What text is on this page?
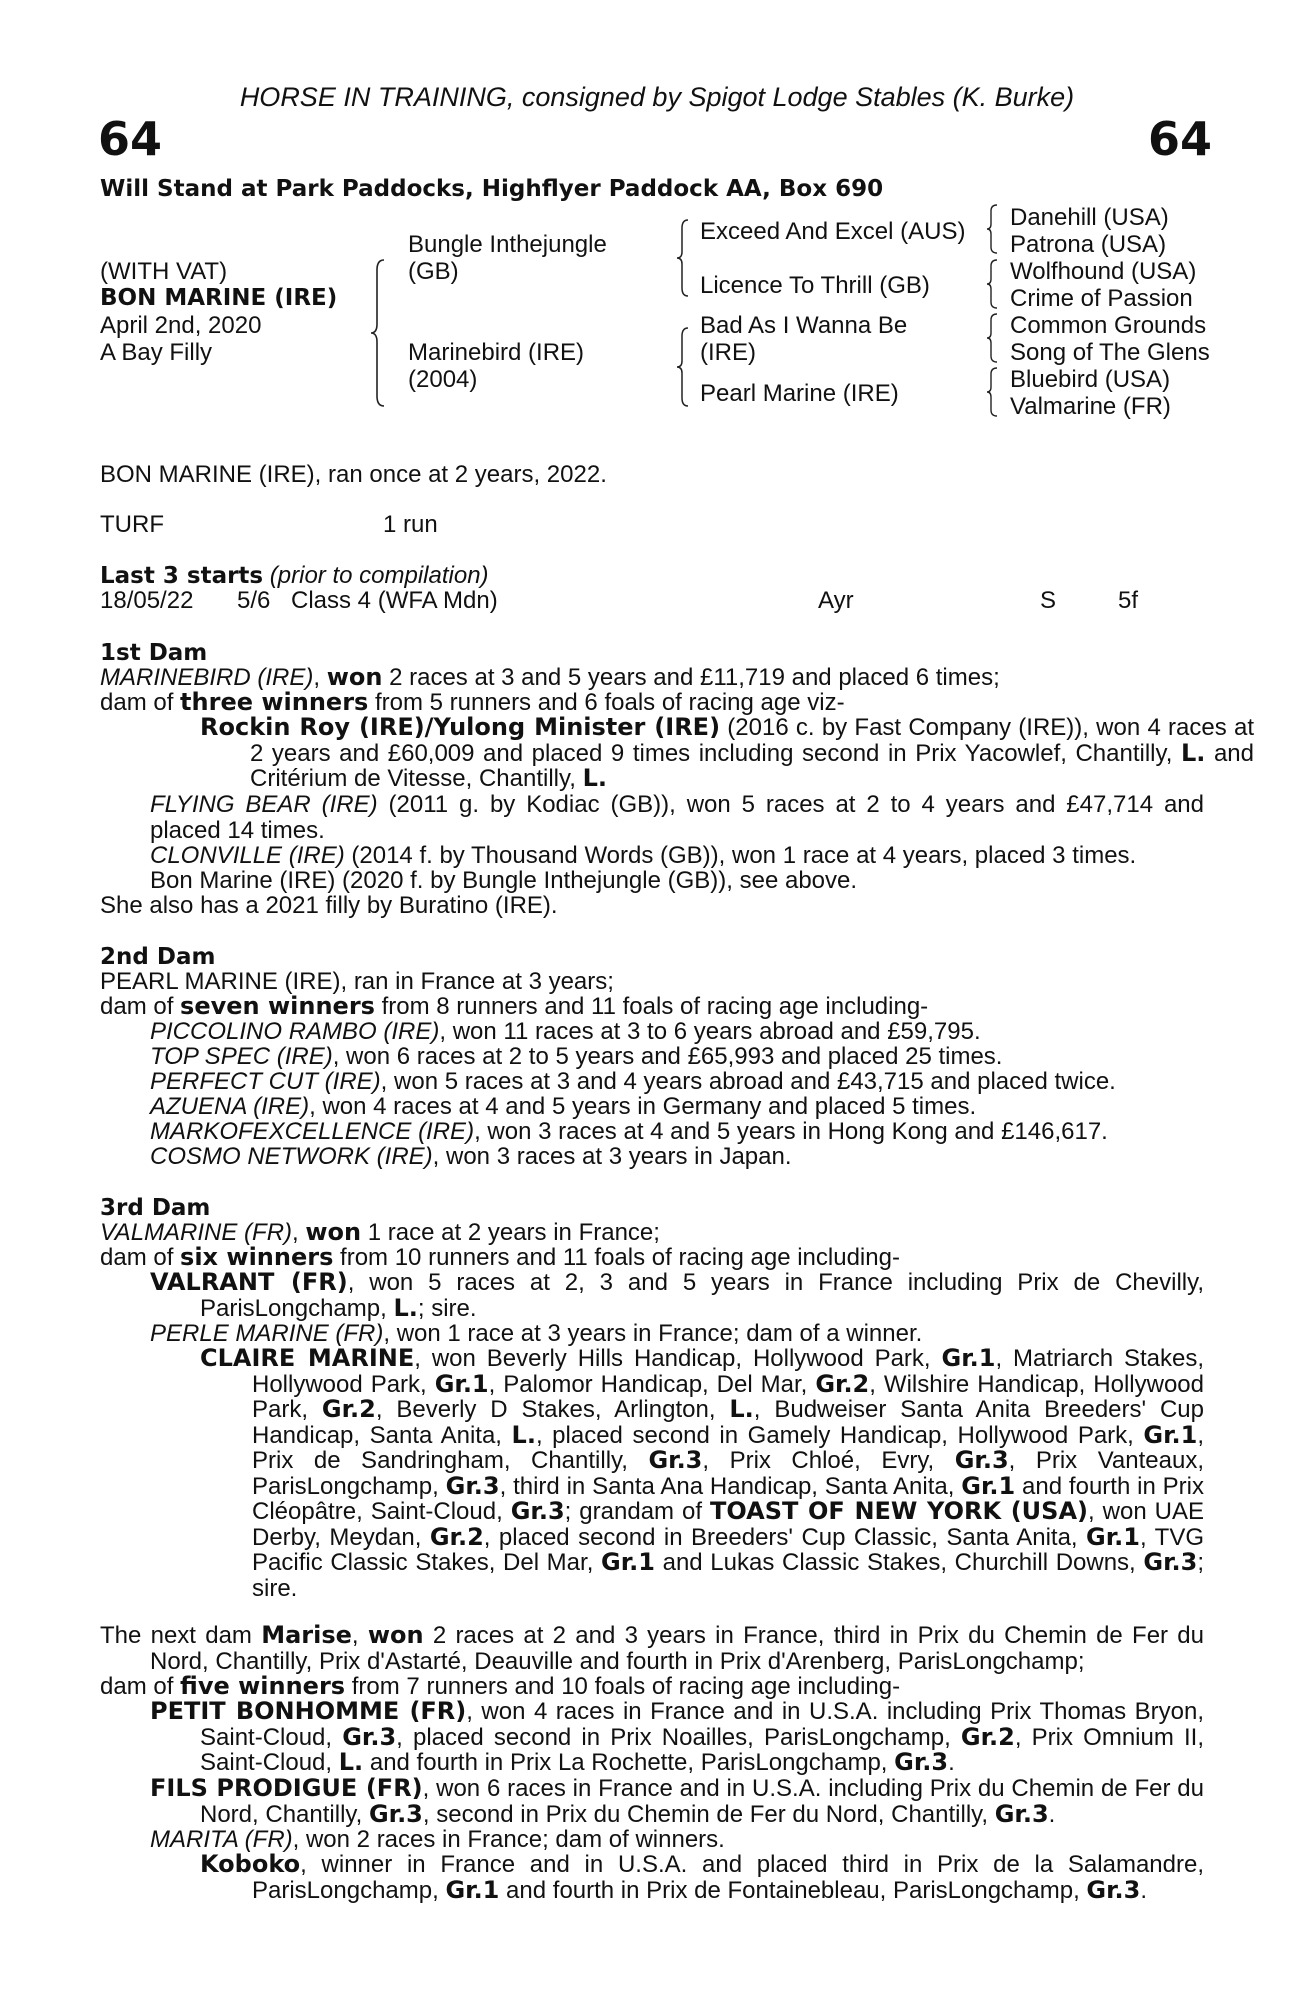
HORSE IN TRAINING, consigned by Spigot Lodge Stables (K. Burke)
64	64
Will Stand at Park Paddocks, Highflyer Paddock AA, Box 690
(WITH VAT)
BON MARINE (IRE)
April 2nd, 2020
A Bay Filly
Bungle Inthejungle
(GB)
Marinebird (IRE)
(2004)
Exceed And Excel (AUS)
Licence To Thrill (GB)
Bad As I Wanna Be
(IRE)
Pearl Marine (IRE)
Danehill (USA)
Patrona (USA)
Wolfhound (USA)
Crime of Passion
Common Grounds
Song of The Glens
Bluebird (USA)
Valmarine (FR)
BON MARINE (IRE), ran once at 2 years, 2022.
TURF	1 run
Last 3 starts (prior to compilation)
18/05/22 5/6 Class 4 (WFA Mdn)	Ayr	S	5f
1st Dam
MARINEBIRD (IRE), won 2 races at 3 and 5 years and £11,719 and placed 6 times;
dam of three winners from 5 runners and 6 foals of racing age viz-
Rockin Roy (IRE)/Yulong Minister (IRE) (2016 c. by Fast Company (IRE)), won 4 races at 2 years and £60,009 and placed 9 times including second in Prix Yacowlef, Chantilly, L. and Critérium de Vitesse, Chantilly, L.
FLYING BEAR (IRE) (2011 g. by Kodiac (GB)), won 5 races at 2 to 4 years and £47,714 and placed 14 times.
CLONVILLE (IRE) (2014 f. by Thousand Words (GB)), won 1 race at 4 years, placed 3 times.
Bon Marine (IRE) (2020 f. by Bungle Inthejungle (GB)), see above.
She also has a 2021 filly by Buratino (IRE).
2nd Dam
PEARL MARINE (IRE), ran in France at 3 years;
dam of seven winners from 8 runners and 11 foals of racing age including-
PICCOLINO RAMBO (IRE), won 11 races at 3 to 6 years abroad and £59,795.
TOP SPEC (IRE), won 6 races at 2 to 5 years and £65,993 and placed 25 times.
PERFECT CUT (IRE), won 5 races at 3 and 4 years abroad and £43,715 and placed twice.
AZUENA (IRE), won 4 races at 4 and 5 years in Germany and placed 5 times.
MARKOFEXCELLENCE (IRE), won 3 races at 4 and 5 years in Hong Kong and £146,617.
COSMO NETWORK (IRE), won 3 races at 3 years in Japan.
3rd Dam
VALMARINE (FR), won 1 race at 2 years in France;
dam of six winners from 10 runners and 11 foals of racing age including-
VALRANT (FR), won 5 races at 2, 3 and 5 years in France including Prix de Chevilly, ParisLongchamp, L.; sire.
PERLE MARINE (FR), won 1 race at 3 years in France; dam of a winner.
CLAIRE MARINE, won Beverly Hills Handicap, Hollywood Park, Gr.1, Matriarch Stakes, Hollywood Park, Gr.1, Palomor Handicap, Del Mar, Gr.2, Wilshire Handicap, Hollywood Park, Gr.2, Beverly D Stakes, Arlington, L., Budweiser Santa Anita Breeders' Cup Handicap, Santa Anita, L., placed second in Gamely Handicap, Hollywood Park, Gr.1, Prix de Sandringham, Chantilly, Gr.3, Prix Chloé, Evry, Gr.3, Prix Vanteaux, ParisLongchamp, Gr.3, third in Santa Ana Handicap, Santa Anita, Gr.1 and fourth in Prix Cléopâtre, Saint-Cloud, Gr.3; grandam of TOAST OF NEW YORK (USA), won UAE Derby, Meydan, Gr.2, placed second in Breeders' Cup Classic, Santa Anita, Gr.1, TVG Pacific Classic Stakes, Del Mar, Gr.1 and Lukas Classic Stakes, Churchill Downs, Gr.3; sire.
The next dam Marise, won 2 races at 2 and 3 years in France, third in Prix du Chemin de Fer du Nord, Chantilly, Prix d'Astarté, Deauville and fourth in Prix d'Arenberg, ParisLongchamp;
dam of five winners from 7 runners and 10 foals of racing age including-
PETIT BONHOMME (FR), won 4 races in France and in U.S.A. including Prix Thomas Bryon, Saint-Cloud, Gr.3, placed second in Prix Noailles, ParisLongchamp, Gr.2, Prix Omnium II, Saint-Cloud, L. and fourth in Prix La Rochette, ParisLongchamp, Gr.3.
FILS PRODIGUE (FR), won 6 races in France and in U.S.A. including Prix du Chemin de Fer du Nord, Chantilly, Gr.3, second in Prix du Chemin de Fer du Nord, Chantilly, Gr.3.
MARITA (FR), won 2 races in France; dam of winners.
Koboko, winner in France and in U.S.A. and placed third in Prix de la Salamandre, ParisLongchamp, Gr.1 and fourth in Prix de Fontainebleau, ParisLongchamp, Gr.3.
